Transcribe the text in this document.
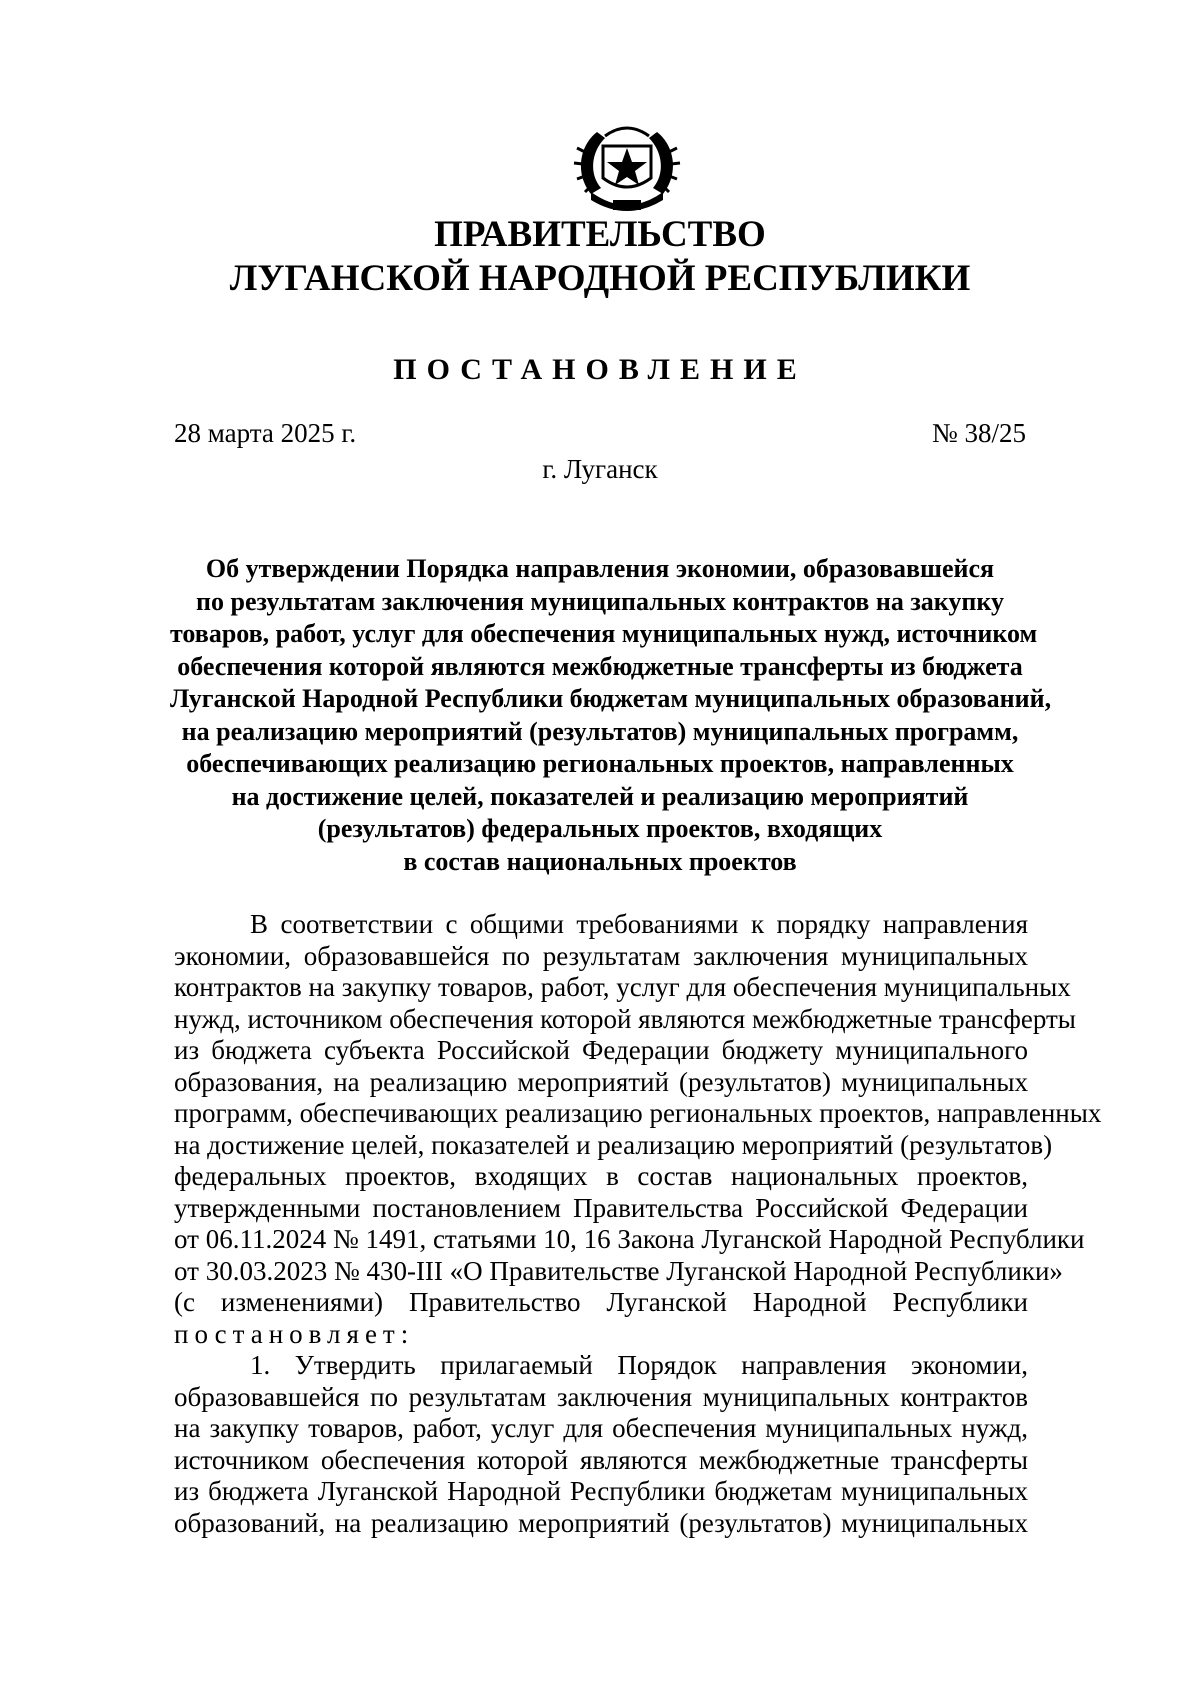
ПРАВИТЕЛЬСТВО
ЛУГАНСКОЙ НАРОДНОЙ РЕСПУБЛИКИ
ПОСТАНОВЛЕНИЕ
28 марта 2025 г.	№ 38/25
г. Луганск
Об утверждении Порядка направления экономии, образовавшейся
по результатам заключения муниципальных контрактов на закупку
товаров, работ, услуг для обеспечения муниципальных нужд, источником
обеспечения которой являются межбюджетные трансферты из бюджета
Луганской Народной Республики бюджетам муниципальных образований,
на реализацию мероприятий (результатов) муниципальных программ,
обеспечивающих реализацию региональных проектов, направленных
на достижение целей, показателей и реализацию мероприятий
(результатов) федеральных проектов, входящих
в состав национальных проектов
В соответствии с общими требованиями к порядку направления
экономии, образовавшейся по результатам заключения муниципальных
контрактов на закупку товаров, работ, услуг для обеспечения муниципальных
нужд, источником обеспечения которой являются межбюджетные трансферты
из бюджета субъекта Российской Федерации бюджету муниципального
образования, на реализацию мероприятий (результатов) муниципальных
программ, обеспечивающих реализацию региональных проектов, направленных
на достижение целей, показателей и реализацию мероприятий (результатов)
федеральных проектов, входящих в состав национальных проектов,
утвержденными постановлением Правительства Российской Федерации
от 06.11.2024 № 1491, статьями 10, 16 Закона Луганской Народной Республики
от 30.03.2023 № 430-III «О Правительстве Луганской Народной Республики»
(с изменениями) Правительство Луганской Народной Республики
постановляет:
1. Утвердить прилагаемый Порядок направления экономии,
образовавшейся по результатам заключения муниципальных контрактов
на закупку товаров, работ, услуг для обеспечения муниципальных нужд,
источником обеспечения которой являются межбюджетные трансферты
из бюджета Луганской Народной Республики бюджетам муниципальных
образований, на реализацию мероприятий (результатов) муниципальных
